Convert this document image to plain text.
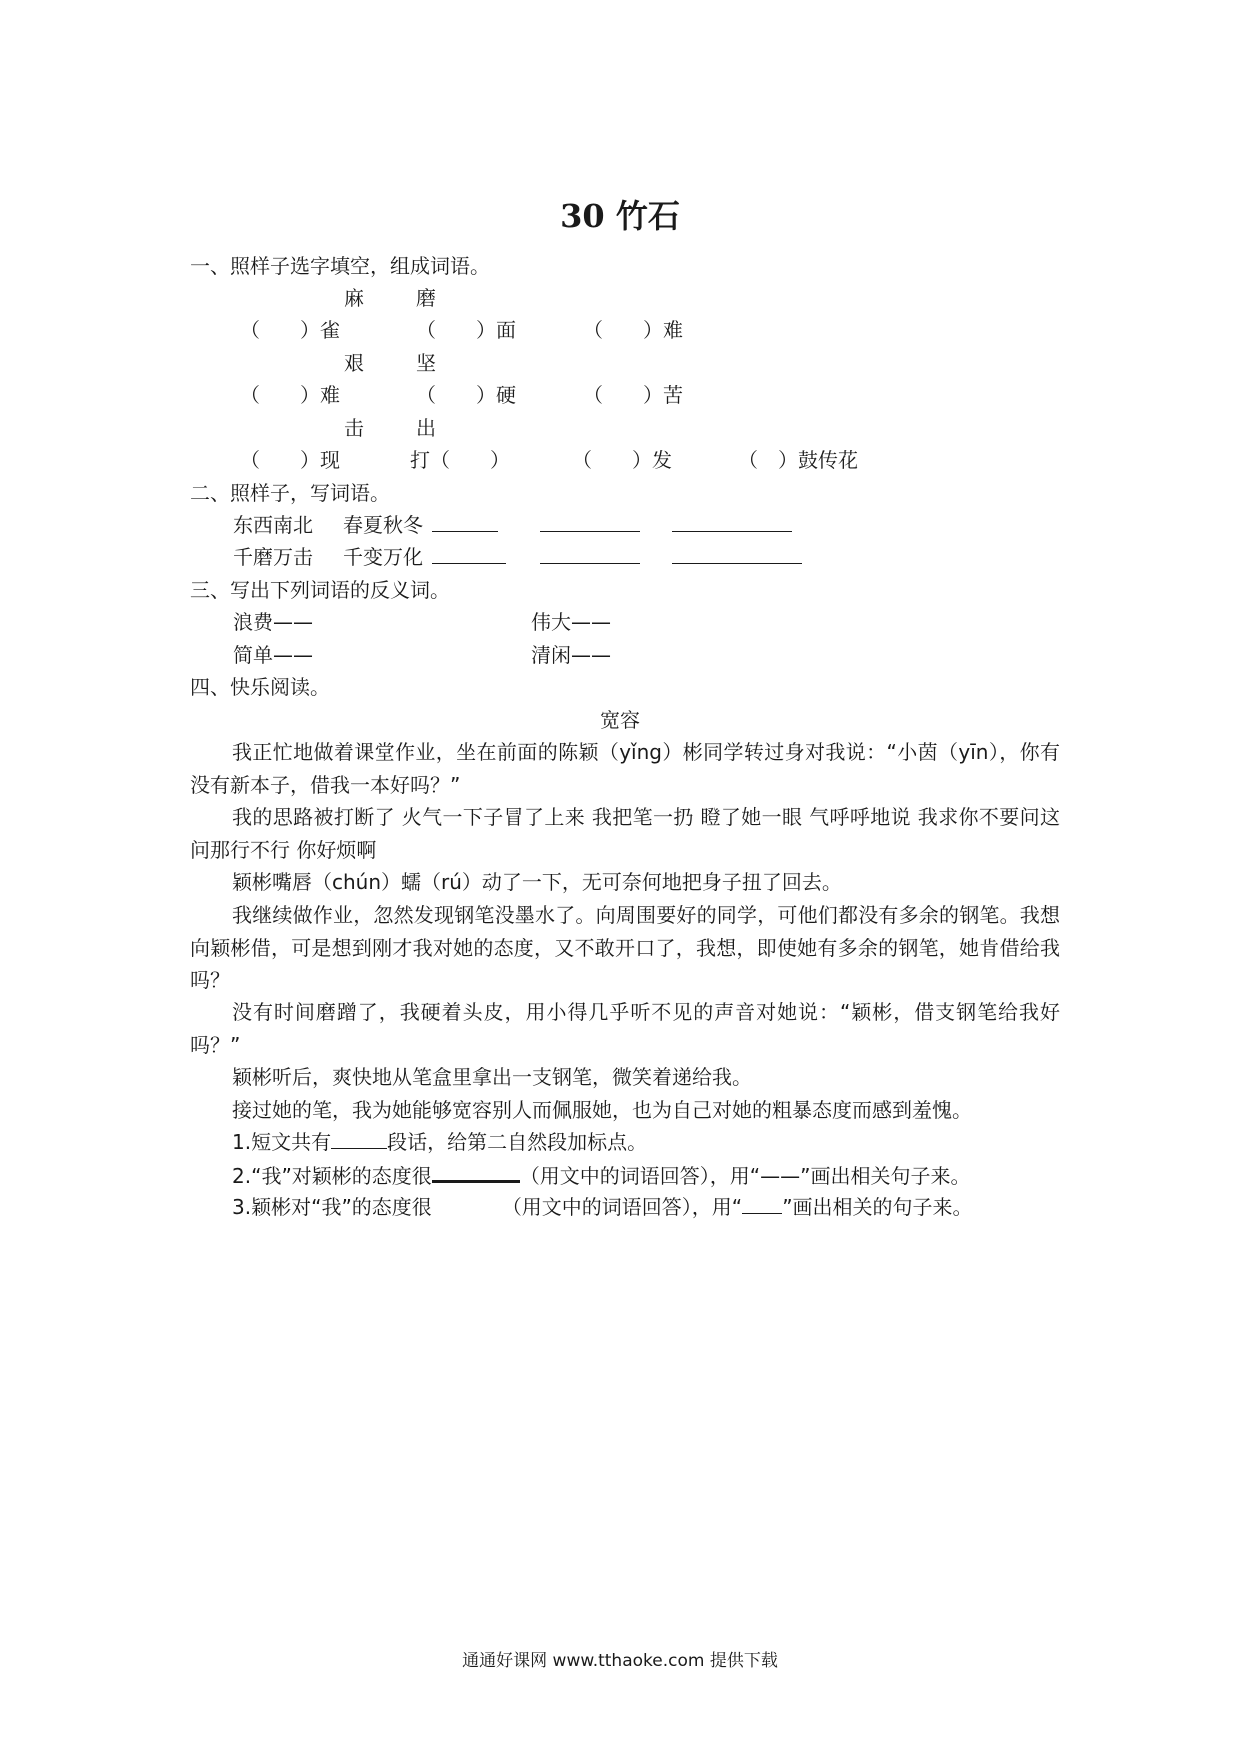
30 竹石
一、照样子选字填空，组成词语。
麻	磨
（　　）雀	（　　）面	（　　）难
艰	坚
（　　）难	（　　）硬	（　　）苦
击	出
（　　）现	打（　　）	（　　）发	（　）鼓传花
二、照样子，写词语。
东西南北 春夏秋冬
千磨万击 千变万化
三、写出下列词语的反义词。
浪费——	伟大——
简单——	清闲——
四、快乐阅读。
宽容
我正忙地做着课堂作业，坐在前面的陈颖（yǐng）彬同学转过身对我说：“小茵（yīn），你有没有新本子，借我一本好吗？”
我的思路被打断了 火气一下子冒了上来 我把笔一扔 瞪了她一眼 气呼呼地说 我求你不要问这问那行不行 你好烦啊
颖彬嘴唇（chún）蠕（rú）动了一下，无可奈何地把身子扭了回去。
我继续做作业，忽然发现钢笔没墨水了。向周围要好的同学，可他们都没有多余的钢笔。我想向颖彬借，可是想到刚才我对她的态度，又不敢开口了，我想，即使她有多余的钢笔，她肯借给我吗？
没有时间磨蹭了，我硬着头皮，用小得几乎听不见的声音对她说：“颖彬，借支钢笔给我好吗？”
颖彬听后，爽快地从笔盒里拿出一支钢笔，微笑着递给我。
接过她的笔，我为她能够宽容别人而佩服她，也为自己对她的粗暴态度而感到羞愧。
1.短文共有	段话，给第二自然段加标点。
2.“我”对颖彬的态度很	（用文中的词语回答），用“——”画出相关句子来。
3.颖彬对“我”的态度很	（用文中的词语回答），用“ ”画出相关的句子来。
通通好课网 www.tthaoke.com 提供下载
